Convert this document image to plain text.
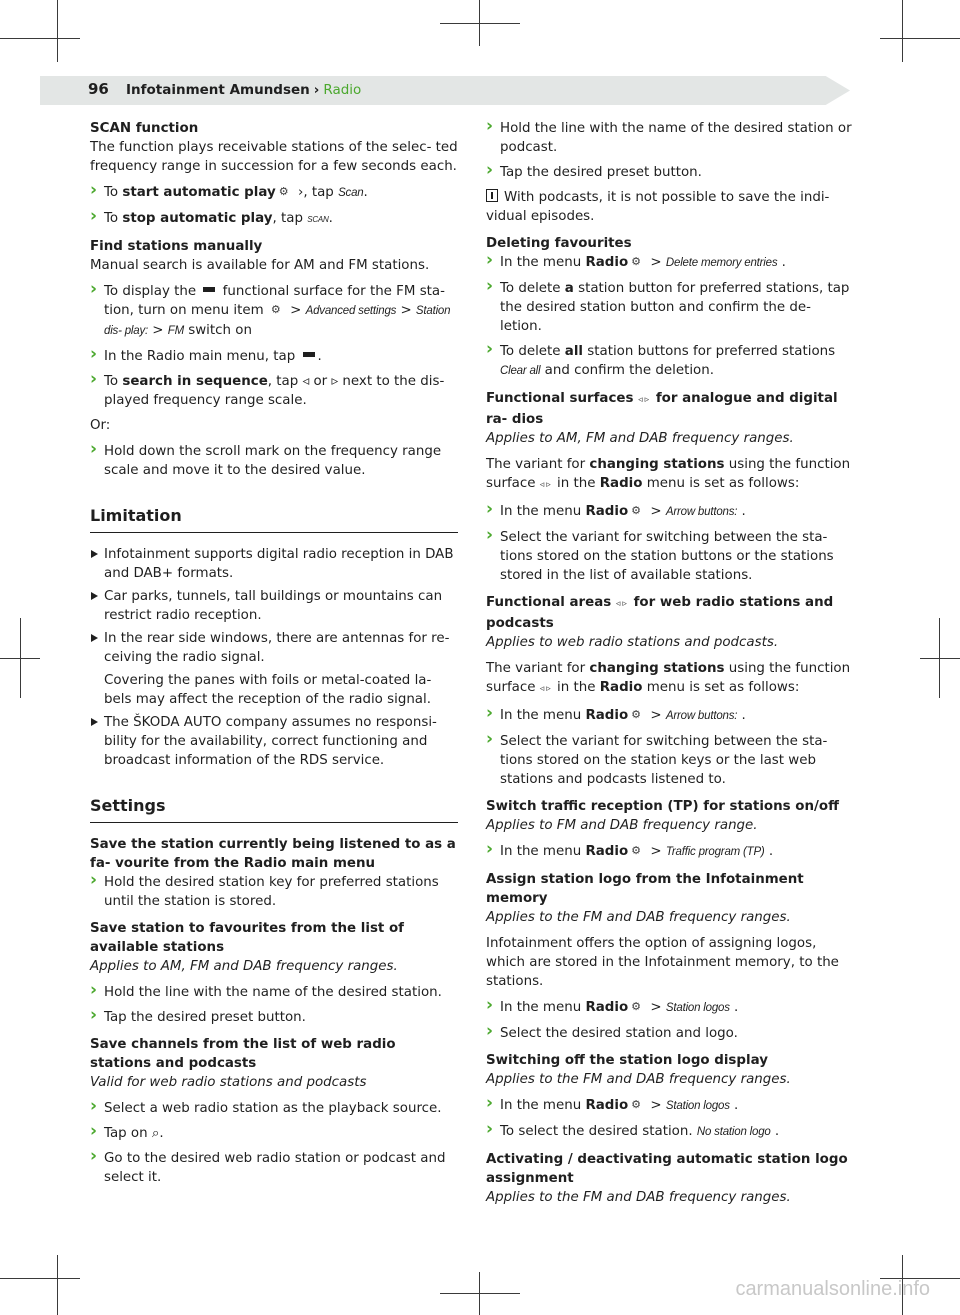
96 Infotainment Amundsen › Radio
SCAN function

The function plays receivable stations of the selec- ted frequency range in succession for a few seconds each.

› To start automatic play⚙ ›, tap Scan.
› To stop automatic play, tap SCAN.
Find stations manually

Manual search is available for AM and FM stations.

› To display the  functional surface for the FM sta- tion, turn on menu item ⚙ > Advanced settings > Station dis- play: > FM switch on
› In the Radio main menu, tap .
› To search in sequence, tap ◃ or ▹ next to the dis- played frequency range scale.

Or:

› Hold down the scroll mark on the frequency range scale and move it to the desired value.
Limitation
Infotainment supports digital radio reception in DAB and DAB+ formats.
Car parks, tunnels, tall buildings or mountains can restrict radio reception.
In the rear side windows, there are antennas for re- ceiving the radio signal.
Covering the panes with foils or metal-coated la- bels may affect the reception of the radio signal.
The ŠKODA AUTO company assumes no responsi- bility for the availability, correct functioning and broadcast information of the RDS service.
Settings
Save the station currently being listened to as a fa- vourite from the Radio main menu
› Hold the desired station key for preferred stations until the station is stored.
Save station to favourites from the list of available stations

Applies to AM, FM and DAB frequency ranges.

› Hold the line with the name of the desired station.
› Tap the desired preset button.
Save channels from the list of web radio stations and podcasts

Valid for web radio stations and podcasts

› Select a web radio station as the playback source.
› Tap on ⌕.
› Go to the desired web radio station or podcast and select it.
› Hold the line with the name of the desired station or podcast.
› Tap the desired preset button.

With podcasts, it is not possible to save the indi- vidual episodes.

Deleting favourites
› In the menu Radio⚙ > Delete memory entries .
› To delete a station button for preferred stations, tap the desired station button and confirm the de- letion.
› To delete all station buttons for preferred stations Clear all and confirm the deletion.
Functional surfaces ◃▹ for analogue and digital ra- dios

Applies to AM, FM and DAB frequency ranges.

The variant for changing stations using the function surface ◃▹ in the Radio menu is set as follows:

› In the menu Radio⚙ > Arrow buttons: .
› Select the variant for switching between the sta- tions stored on the station buttons or the stations stored in the list of available stations.
Functional areas ◃▹ for web radio stations and podcasts

Applies to web radio stations and podcasts.

The variant for changing stations using the function surface ◃▹ in the Radio menu is set as follows:

› In the menu Radio⚙ > Arrow buttons: .
› Select the variant for switching between the sta- tions stored on the station keys or the last web stations and podcasts listened to.
Switch traffic reception (TP) for stations on/off

Applies to FM and DAB frequency range.

› In the menu Radio⚙ > Traffic program (TP) .
Assign station logo from the Infotainment memory

Applies to the FM and DAB frequency ranges.

Infotainment offers the option of assigning logos, which are stored in the Infotainment memory, to the stations.

› In the menu Radio⚙ > Station logos .
› Select the desired station and logo.
Switching off the station logo display

Applies to the FM and DAB frequency ranges.

› In the menu Radio⚙ > Station logos .
› To select the desired station. No station logo .
Activating / deactivating automatic station logo assignment

Applies to the FM and DAB frequency ranges.

carmanualsonline.info
